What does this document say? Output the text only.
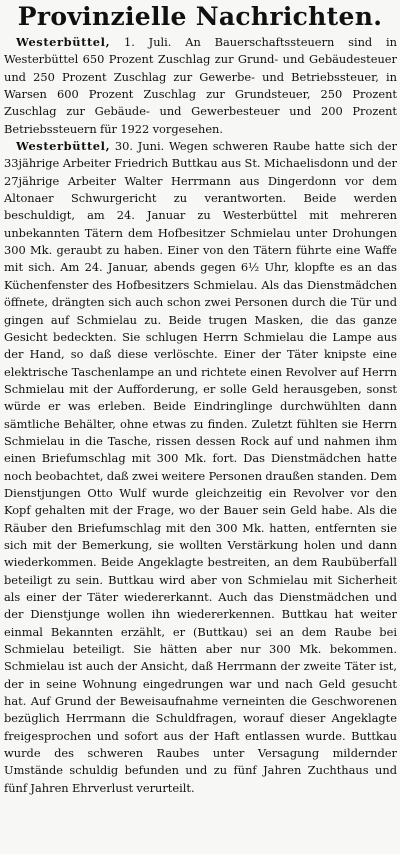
Provinzielle Nachrichten.

Westerbüttel, 1. Juli. An Bauerschaftssteuern sind in Westerbüttel 650 Prozent Zuschlag zur Grund- und Gebäudesteuer und 250 Prozent Zuschlag zur Gewerbe- und Betriebssteuer, in Warsen 600 Prozent Zuschlag zur Grundsteuer, 250 Prozent Zuschlag zur Gebäude- und Gewerbesteuer und 200 Prozent Betriebssteuern für 1922 vorgesehen.

Westerbüttel, 30. Juni. Wegen schweren Raube hatte sich der 33jährige Arbeiter Friedrich Buttkau aus St. Michaelisdonn und der 27jährige Arbeiter Walter Herrmann aus Dingerdonn vor dem Altonaer Schwurgericht zu verantworten. Beide werden beschuldigt, am 24. Januar zu Westerbüttel mit mehreren unbekannten Tätern dem Hofbesitzer Schmielau unter Drohungen 300 Mk. geraubt zu haben. Einer von den Tätern führte eine Waffe mit sich. Am 24. Januar, abends gegen 6½ Uhr, klopfte es an das Küchenfenster des Hofbesitzers Schmielau. Als das Dienstmädchen öffnete, drängten sich auch schon zwei Personen durch die Tür und gingen auf Schmielau zu. Beide trugen Masken, die das ganze Gesicht bedeckten. Sie schlugen Herrn Schmielau die Lampe aus der Hand, so daß diese verlöschte. Einer der Täter knipste eine elektrische Taschenlampe an und richtete einen Revolver auf Herrn Schmielau mit der Aufforderung, er solle Geld herausgeben, sonst würde er was erleben. Beide Eindringlinge durchwühlten dann sämtliche Behälter, ohne etwas zu finden. Zuletzt fühlten sie Herrn Schmielau in die Tasche, rissen dessen Rock auf und nahmen ihm einen Briefumschlag mit 300 Mk. fort. Das Dienstmädchen hatte noch beobachtet, daß zwei weitere Personen draußen standen. Dem Dienstjungen Otto Wulf wurde gleichzeitig ein Revolver vor den Kopf gehalten mit der Frage, wo der Bauer sein Geld habe. Als die Räuber den Briefumschlag mit den 300 Mk. hatten, entfernten sie sich mit der Bemerkung, sie wollten Verstärkung holen und dann wiederkommen. Beide Angeklagte bestreiten, an dem Raubüberfall beteiligt zu sein. Buttkau wird aber von Schmielau mit Sicherheit als einer der Täter wiedererkannt. Auch das Dienstmädchen und der Dienstjunge wollen ihn wiedererkennen. Buttkau hat weiter einmal Bekannten erzählt, er (Buttkau) sei an dem Raube bei Schmielau beteiligt. Sie hätten aber nur 300 Mk. bekommen. Schmielau ist auch der Ansicht, daß Herrmann der zweite Täter ist, der in seine Wohnung eingedrungen war und nach Geld gesucht hat. Auf Grund der Beweisaufnahme verneinten die Geschworenen bezüglich Herrmann die Schuldfragen, worauf dieser Angeklagte freigesprochen und sofort aus der Haft entlassen wurde. Buttkau wurde des schweren Raubes unter Versagung mildernder Umstände schuldig befunden und zu fünf Jahren Zuchthaus und fünf Jahren Ehrverlust verurteilt.
